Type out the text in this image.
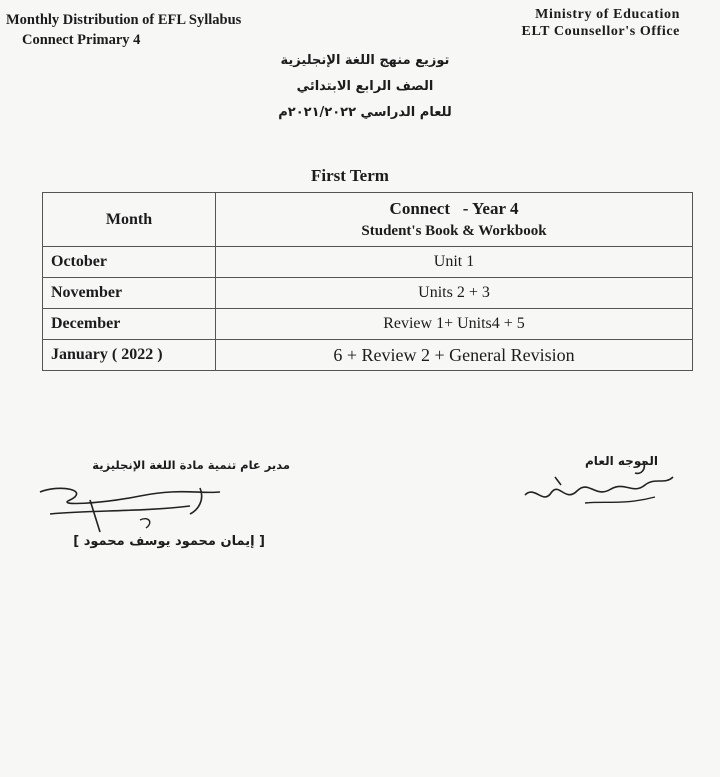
Monthly Distribution of EFL Syllabus
Connect Primary 4
Ministry of Education
ELT Counsellor's Office
توزيع منهج اللغة الإنجليزية
الصف الرابع الابتدائي
للعام الدراسي ٢٠٢١/٢٠٢٢م
First Term
Month	Connect   - Year 4
Student's Book & Workbook

October	Unit 1
November	Units 2 + 3
December	Review 1+ Units4 + 5
January ( 2022 )	6 + Review 2 + General Revision
مدير عام تنمية مادة اللغة الإنجليزية
[ إيمان محمود يوسف محمود ]
الموجه العام
